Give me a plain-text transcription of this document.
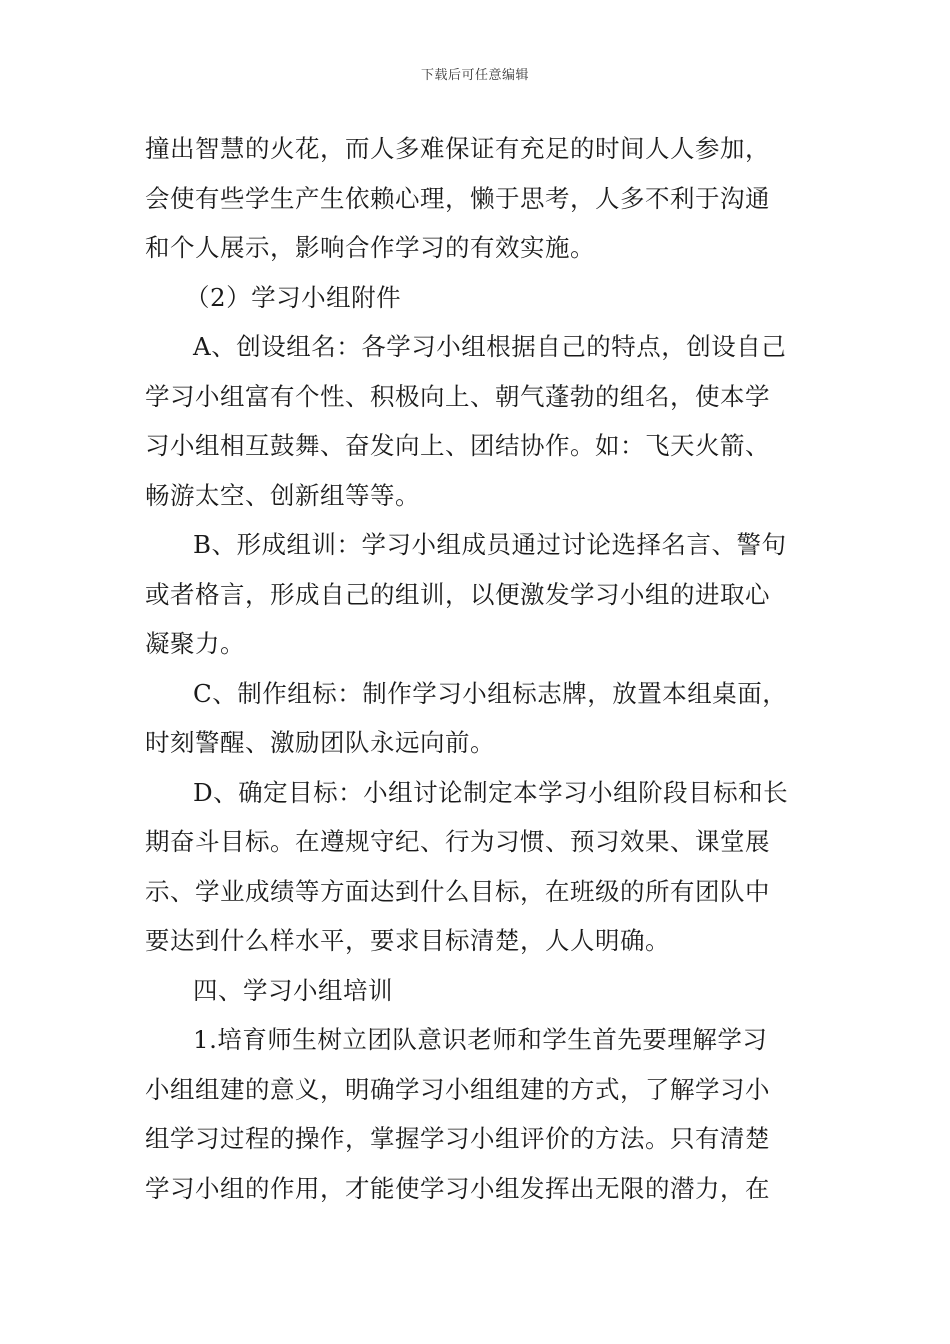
下载后可任意编辑
撞出智慧的火花，而人多难保证有充足的时间人人参加，
会使有些学生产生依赖心理，懒于思考，人多不利于沟通
和个人展示，影响合作学习的有效实施。
（2）学习小组附件
A、创设组名：各学习小组根据自己的特点，创设自己
学习小组富有个性、积极向上、朝气蓬勃的组名，使本学
习小组相互鼓舞、奋发向上、团结协作。如：飞天火箭、
畅游太空、创新组等等。
B、形成组训：学习小组成员通过讨论选择名言、警句
或者格言，形成自己的组训，以便激发学习小组的进取心
凝聚力。
C、制作组标：制作学习小组标志牌，放置本组桌面，
时刻警醒、激励团队永远向前。
D、确定目标：小组讨论制定本学习小组阶段目标和长
期奋斗目标。在遵规守纪、行为习惯、预习效果、课堂展
示、学业成绩等方面达到什么目标，在班级的所有团队中
要达到什么样水平，要求目标清楚，人人明确。
四、学习小组培训
1.培育师生树立团队意识老师和学生首先要理解学习
小组组建的意义，明确学习小组组建的方式，了解学习小
组学习过程的操作，掌握学习小组评价的方法。只有清楚
学习小组的作用，才能使学习小组发挥出无限的潜力，在
